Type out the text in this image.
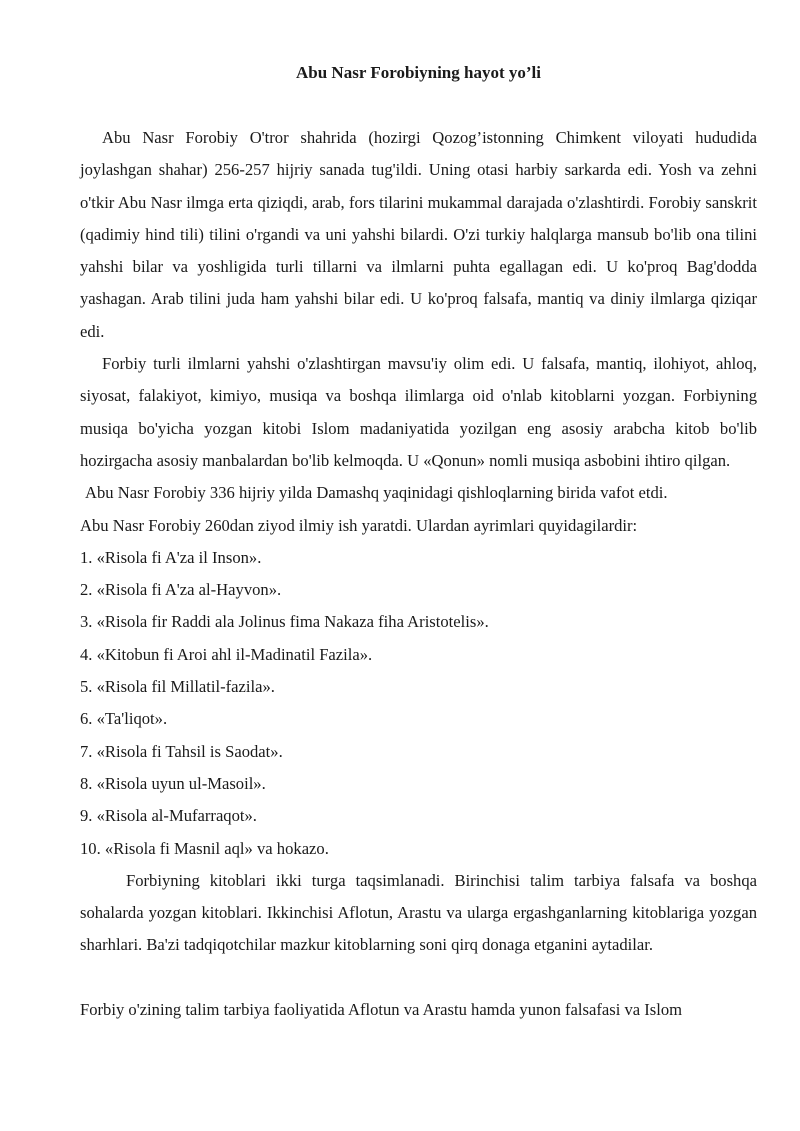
Abu Nasr Forobiyning hayot yo’li

Abu Nasr Forobiy O'tror shahrida (hozirgi Qozog’istonning Chimkent viloyati hududida joylashgan shahar) 256-257 hijriy sanada tug'ildi. Uning otasi harbiy sarkarda edi. Yosh va zehni o'tkir Abu Nasr ilmga erta qiziqdi, arab, fors tilarini mukammal darajada o'zlashtirdi. Forobiy sanskrit (qadimiy hind tili) tilini o'rgandi va uni yahshi bilardi. O'zi turkiy halqlarga mansub bo'lib ona tilini yahshi bilar va yoshligida turli tillarni va ilmlarni puhta egallagan edi. U ko'proq Bag'dodda yashagan. Arab tilini juda ham yahshi bilar edi. U ko'proq falsafa, mantiq va diniy ilmlarga qiziqar edi.

Forbiy turli ilmlarni yahshi o'zlashtirgan mavsu'iy olim edi. U falsafa, mantiq, ilohiyot, ahloq, siyosat, falakiyot, kimiyo, musiqa va boshqa ilimlarga oid o'nlab kitoblarni yozgan. Forbiyning musiqa bo'yicha yozgan kitobi Islom madaniyatida yozilgan eng asosiy arabcha kitob bo'lib hozirgacha asosiy manbalardan bo'lib kelmoqda. U «Qonun» nomli musiqa asbobini ihtiro qilgan.

Abu Nasr Forobiy 336 hijriy yilda Damashq yaqinidagi qishloqlarning birida vafot etdi.

Abu Nasr Forobiy 260dan ziyod ilmiy ish yaratdi. Ulardan ayrimlari quyidagilardir:

1. «Risola fi A'za il Inson».
2. «Risola fi A'za al-Hayvon».
3. «Risola fir Raddi ala Jolinus fima Nakaza fiha Aristotelis».
4. «Kitobun fi Aroi ahl il-Madinatil Fazila».
5. «Risola fil Millatil-fazila».
6. «Ta'liqot».
7. «Risola fi Tahsil is Saodat».
8. «Risola uyun ul-Masoil».
9. «Risola al-Mufarraqot».
10. «Risola fi Masnil aql» va hokazo.

Forbiyning kitoblari ikki turga taqsimlanadi. Birinchisi talim tarbiya falsafa va boshqa sohalarda yozgan kitoblari. Ikkinchisi Aflotun, Arastu va ularga ergashganlarning kitoblariga yozgan sharhlari. Ba'zi tadqiqotchilar mazkur kitoblarning soni qirq donaga etganini aytadilar.

Forbiy o'zining talim tarbiya faoliyatida Aflotun va Arastu hamda yunon falsafasi va Islom
